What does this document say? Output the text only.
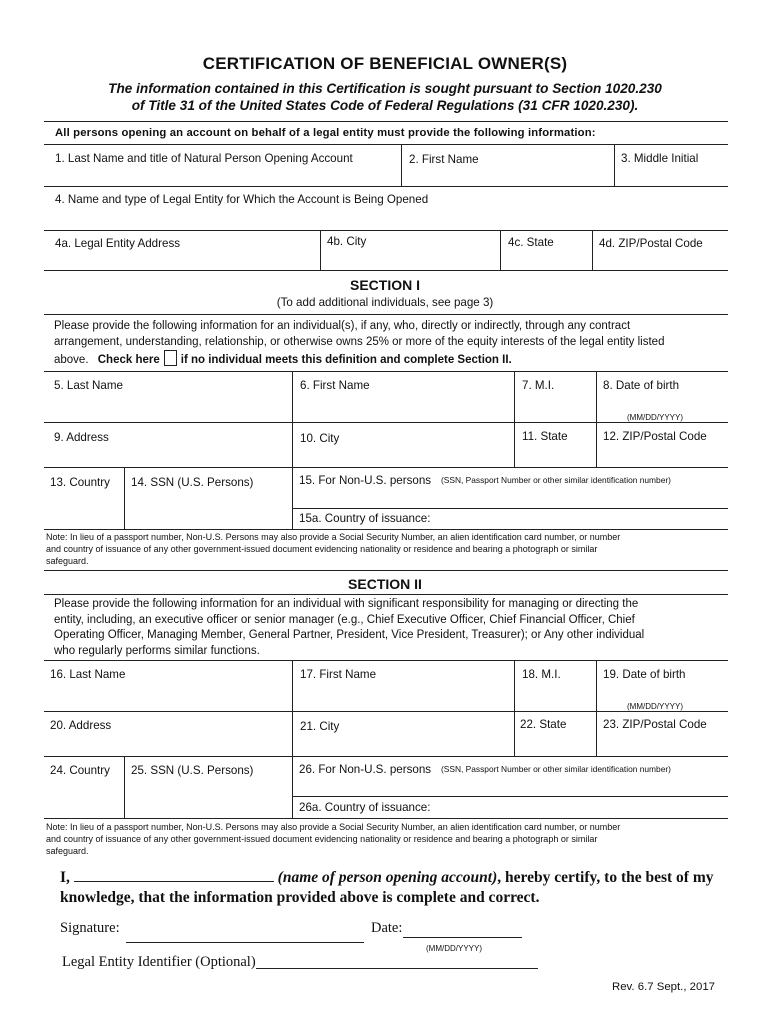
CERTIFICATION OF BENEFICIAL OWNER(S)
The information contained in this Certification is sought pursuant to Section 1020.230
of Title 31 of the United States Code of Federal Regulations (31 CFR 1020.230).
All persons opening an account on behalf of a legal entity must provide the following information:
1. Last Name and title of Natural Person Opening Account	2. First Name	3. Middle Initial
4. Name and type of Legal Entity for Which the Account is Being Opened
4a. Legal Entity Address	4b. City	4c. State	4d. ZIP/Postal Code
SECTION I
(To add additional individuals, see page 3)
Please provide the following information for an individual(s), if any, who, directly or indirectly, through any contract
arrangement, understanding, relationship, or otherwise owns 25% or more of the equity interests of the legal entity listed
above. Check here if no individual meets this definition and complete Section II.
5. Last Name	6. First Name	7. M.I.	8. Date of birth
(MM/DD/YYYY)
9. Address	10. City	11. State	12. ZIP/Postal Code
13. Country 14. SSN (U.S. Persons)	15. For Non-U.S. persons (SSN, Passport Number or other similar identification number)
15a. Country of issuance:
Note: In lieu of a passport number, Non-U.S. Persons may also provide a Social Security Number, an alien identification card number, or number
and country of issuance of any other government-issued document evidencing nationality or residence and bearing a photograph or similar
safeguard.
SECTION II
Please provide the following information for an individual with significant responsibility for managing or directing the
entity, including, an executive officer or senior manager (e.g., Chief Executive Officer, Chief Financial Officer, Chief
Operating Officer, Managing Member, General Partner, President, Vice President, Treasurer); or Any other individual
who regularly performs similar functions.
16. Last Name	17. First Name	18. M.I.	19. Date of birth
(MM/DD/YYYY)
20. Address	21. City	22. State	23. ZIP/Postal Code
24. Country 25. SSN (U.S. Persons)	26. For Non-U.S. persons (SSN, Passport Number or other similar identification number)
26a. Country of issuance:
Note: In lieu of a passport number, Non-U.S. Persons may also provide a Social Security Number, an alien identification card number, or number
and country of issuance of any other government-issued document evidencing nationality or residence and bearing a photograph or similar
safeguard.
I,	(name of person opening account), hereby certify, to the best of my
knowledge, that the information provided above is complete and correct.
Signature:	Date:
(MM/DD/YYYY)
Legal Entity Identifier (Optional)
Rev. 6.7 Sept., 2017
